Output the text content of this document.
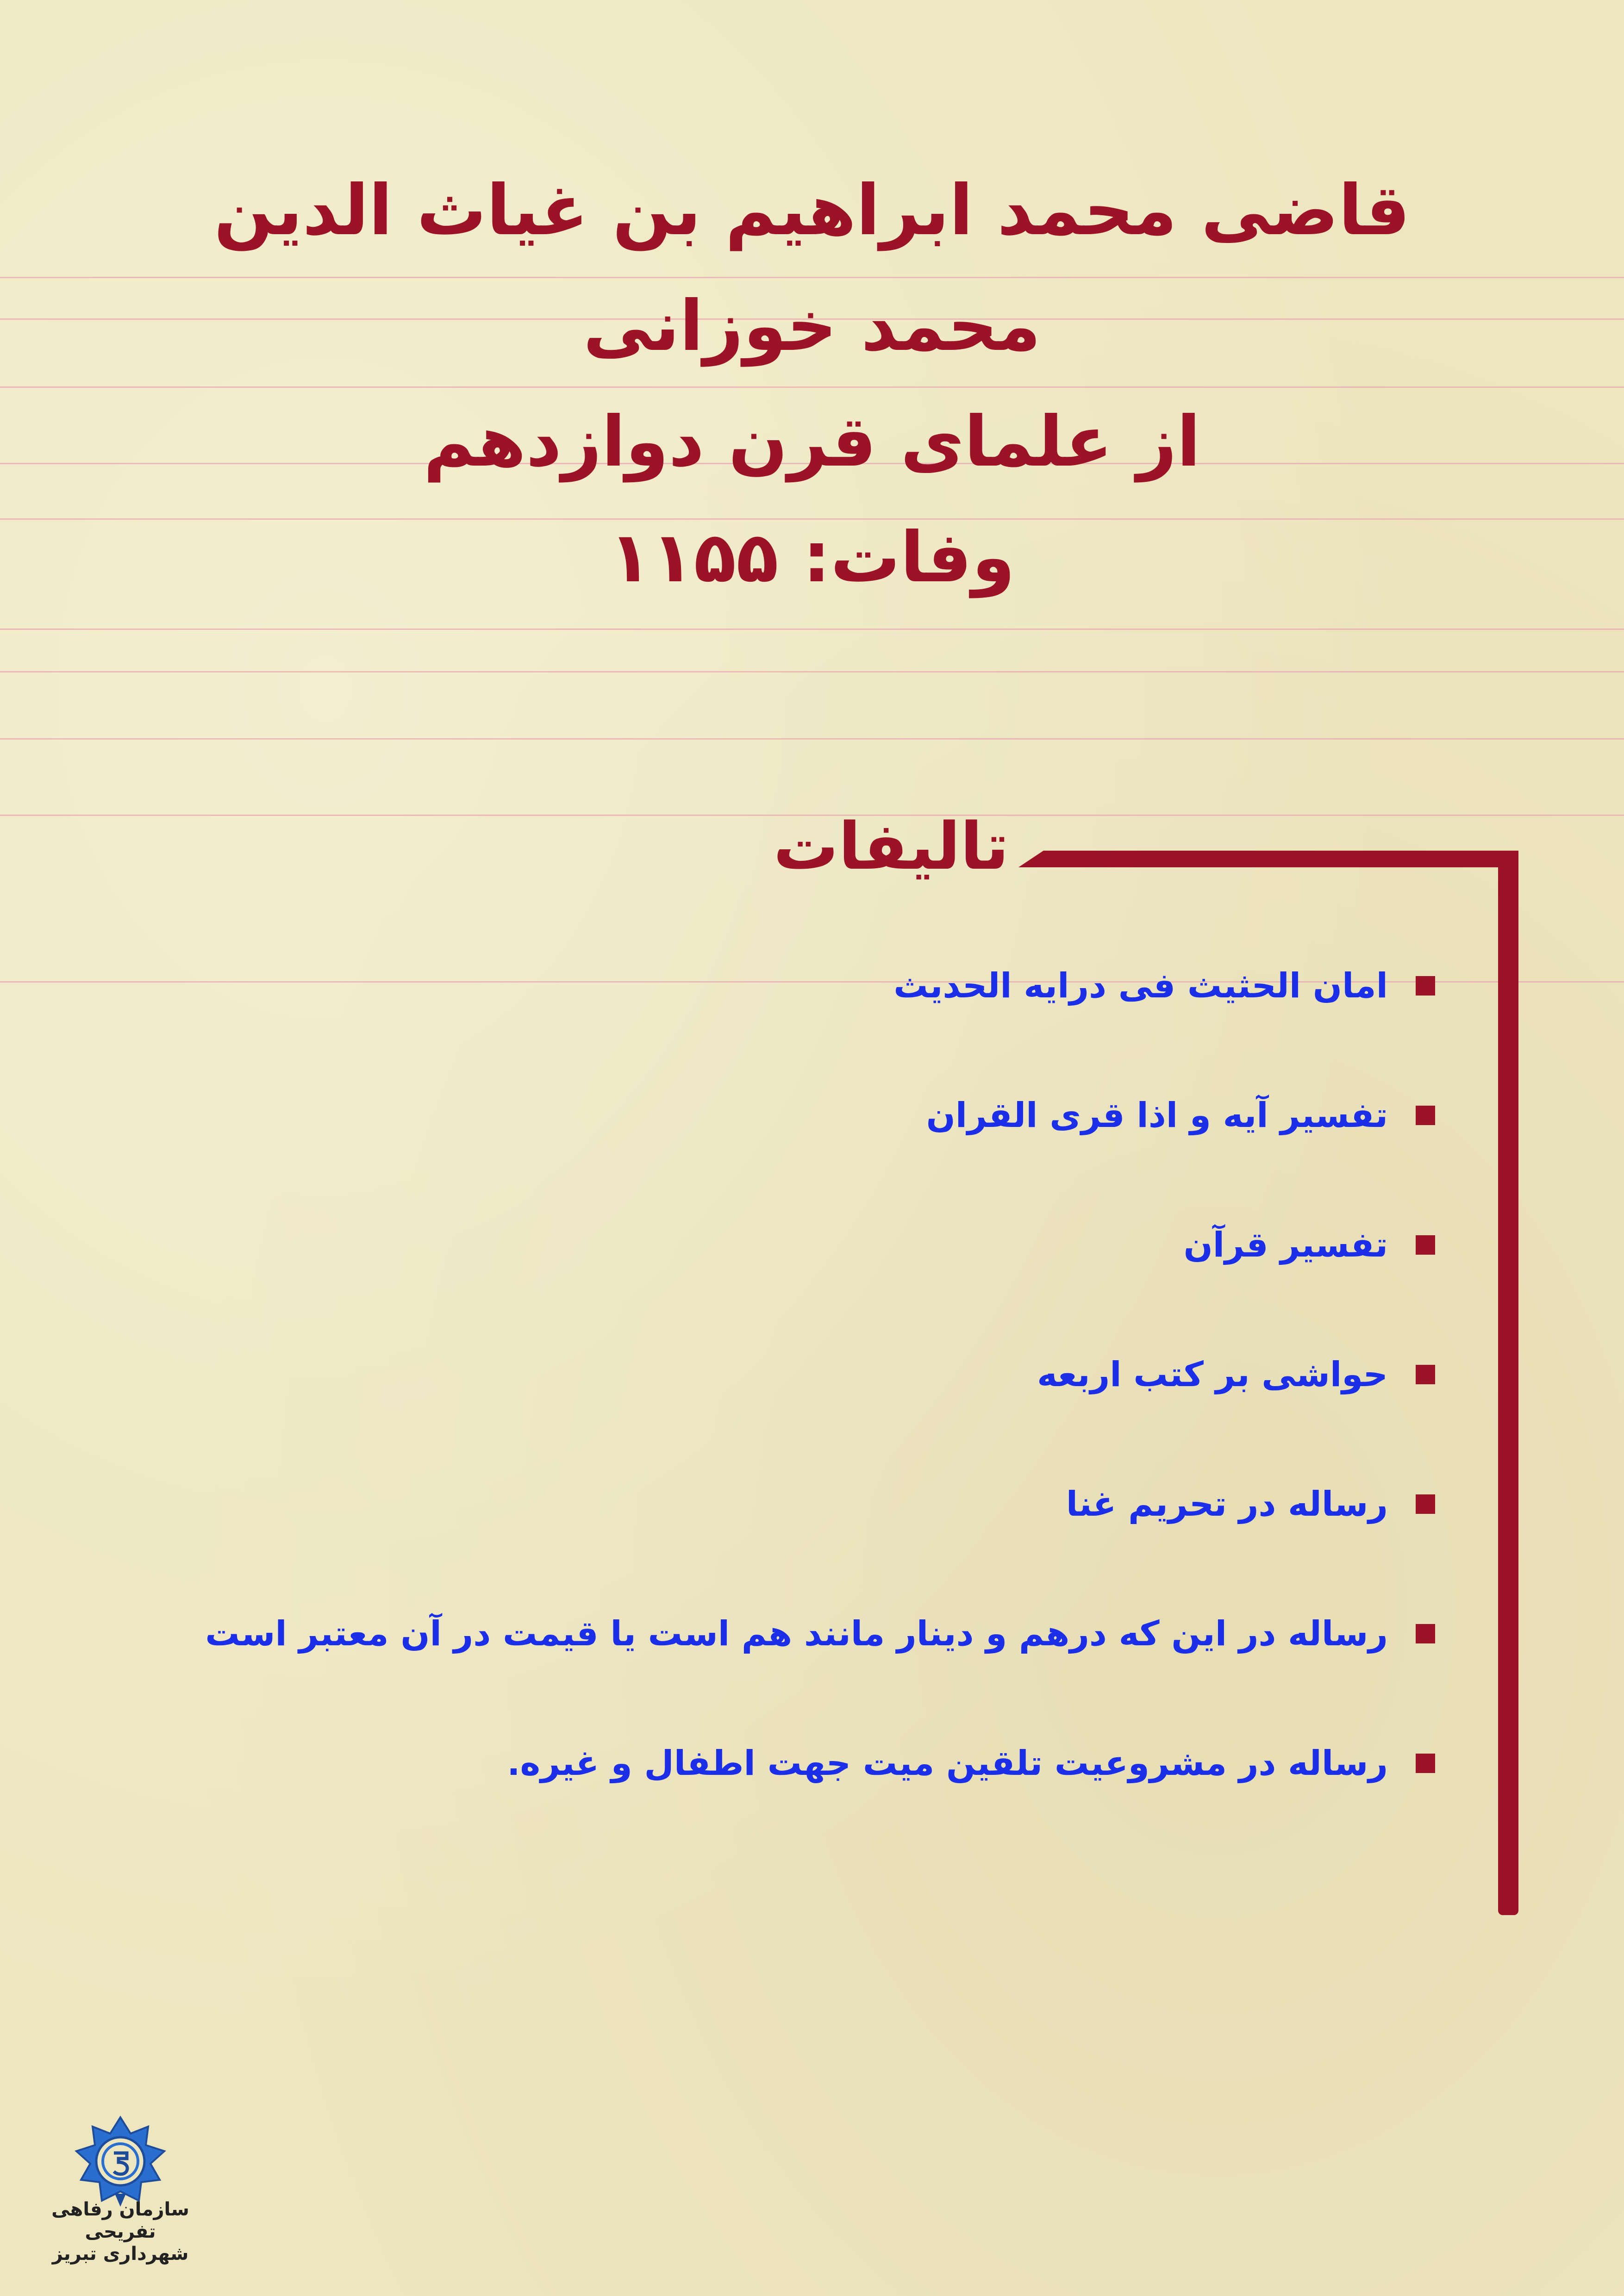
قاضی محمد ابراهیم بن غیاث الدین
محمد خوزانی
از علمای قرن دوازدهم
وفات: ۱۱۵۵
تالیفات
امان الحثیث فی درایه الحدیث
تفسیر آیه و اذا قری القران
تفسیر قرآن
حواشی بر کتب اربعه
رساله در تحریم غنا
رساله در این که درهم و دینار مانند هم است یا قیمت در آن معتبر است
رساله در مشروعیت تلقین میت جهت اطفال و غیره.
سازمان رفاهی تفریحی شهرداری تبریز
